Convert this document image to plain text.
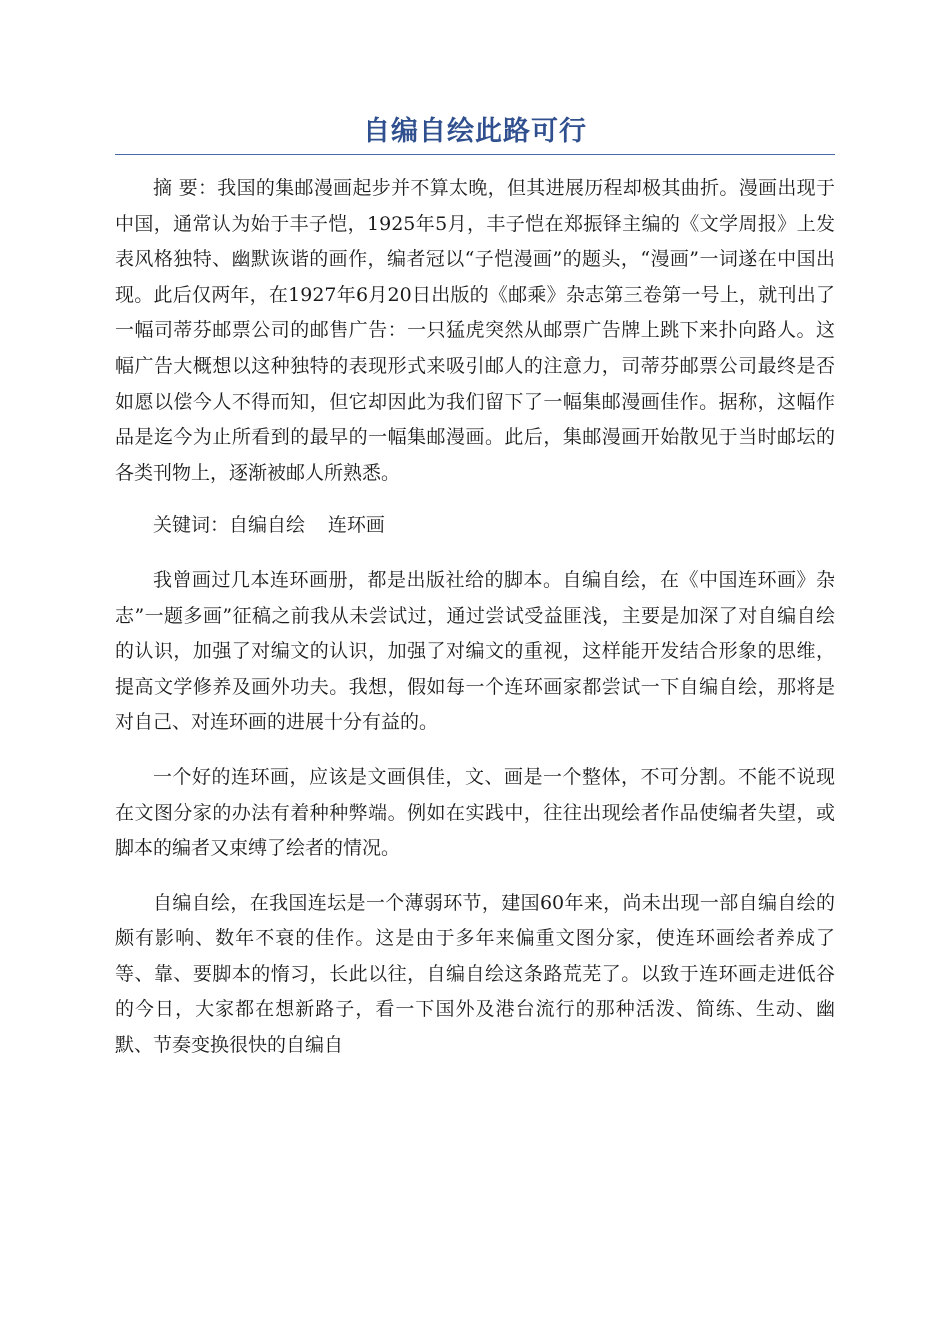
自编自绘此路可行

摘 要：我国的集邮漫画起步并不算太晚，但其进展历程却极其曲折。漫画出现于中国，通常认为始于丰子恺，1925年5月，丰子恺在郑振铎主编的《文学周报》上发表风格独特、幽默诙谐的画作，编者冠以“子恺漫画”的题头，“漫画”一词遂在中国出现。此后仅两年，在1927年6月20日出版的《邮乘》杂志第三卷第一号上，就刊出了一幅司蒂芬邮票公司的邮售广告：一只猛虎突然从邮票广告牌上跳下来扑向路人。这幅广告大概想以这种独特的表现形式来吸引邮人的注意力，司蒂芬邮票公司最终是否如愿以偿今人不得而知，但它却因此为我们留下了一幅集邮漫画佳作。据称，这幅作品是迄今为止所看到的最早的一幅集邮漫画。此后，集邮漫画开始散见于当时邮坛的各类刊物上，逐渐被邮人所熟悉。

关键词：自编自绘 连环画

我曾画过几本连环画册，都是出版社给的脚本。自编自绘，在《中国连环画》杂志”一题多画”征稿之前我从未尝试过，通过尝试受益匪浅，主要是加深了对自编自绘的认识，加强了对编文的认识，加强了对编文的重视，这样能开发结合形象的思维，提高文学修养及画外功夫。我想，假如每一个连环画家都尝试一下自编自绘，那将是对自己、对连环画的进展十分有益的。

一个好的连环画，应该是文画俱佳，文、画是一个整体，不可分割。不能不说现在文图分家的办法有着种种弊端。例如在实践中，往往出现绘者作品使编者失望，或脚本的编者又束缚了绘者的情况。

自编自绘，在我国连坛是一个薄弱环节，建国60年来，尚未出现一部自编自绘的颇有影响、数年不衰的佳作。这是由于多年来偏重文图分家，使连环画绘者养成了等、靠、要脚本的惰习，长此以往，自编自绘这条路荒芜了。以致于连环画走进低谷的今日，大家都在想新路子，看一下国外及港台流行的那种活泼、简练、生动、幽默、节奏变换很快的自编自
